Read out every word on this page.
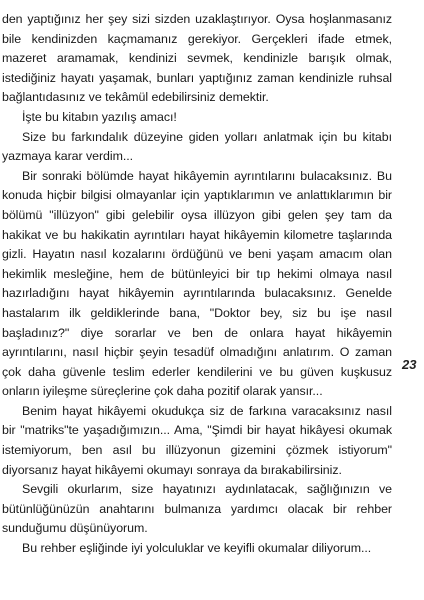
den yaptığınız her şey sizi sizden uzaklaştırıyor. Oysa hoşlanmasanız bile kendinizden kaçmamanız gerekiyor. Gerçekleri ifade etmek, mazeret aramamak, kendinizi sevmek, kendinizle barışık olmak, istediğiniz hayatı yaşamak, bunları yaptığınız zaman kendinizle ruhsal bağlantıdasınız ve tekâmül edebilirsiniz demektir.

İşte bu kitabın yazılış amacı!

Size bu farkındalık düzeyine giden yolları anlatmak için bu kitabı yazmaya karar verdim...

Bir sonraki bölümde hayat hikâyemin ayrıntılarını bulacaksınız. Bu konuda hiçbir bilgisi olmayanlar için yaptıklarımın ve anlattıklarımın bir bölümü "illüzyon" gibi gelebilir oysa illüzyon gibi gelen şey tam da hakikat ve bu hakikatin ayrıntıları hayat hikâyemin kilometre taşlarında gizli. Hayatın nasıl kozalarını ördüğünü ve beni yaşam amacım olan hekimlik mesleğine, hem de bütünleyici bir tıp hekimi olmaya nasıl hazırladığını hayat hikâyemin ayrıntılarında bulacaksınız. Genelde hastalarım ilk geldiklerinde bana, "Doktor bey, siz bu işe nasıl başladınız?" diye sorarlar ve ben de onlara hayat hikâyemin ayrıntılarını, nasıl hiçbir şeyin tesadüf olmadığını anlatırım. O zaman çok daha güvenle teslim ederler kendilerini ve bu güven kuşkusuz onların iyileşme süreçlerine çok daha pozitif olarak yansır...

Benim hayat hikâyemi okudukça siz de farkına varacaksınız nasıl bir "matriks"te yaşadığımızın... Ama, "Şimdi bir hayat hikâyesi okumak istemiyorum, ben asıl bu illüzyonun gizemini çözmek istiyorum" diyorsanız hayat hikâyemi okumayı sonraya da bırakabilirsiniz.

Sevgili okurlarım, size hayatınızı aydınlatacak, sağlığınızın ve bütünlüğünüzün anahtarını bulmanıza yardımcı olacak bir rehber sunduğumu düşünüyorum.

Bu rehber eşliğinde iyi yolculuklar ve keyifli okumalar diliyorum...

23
